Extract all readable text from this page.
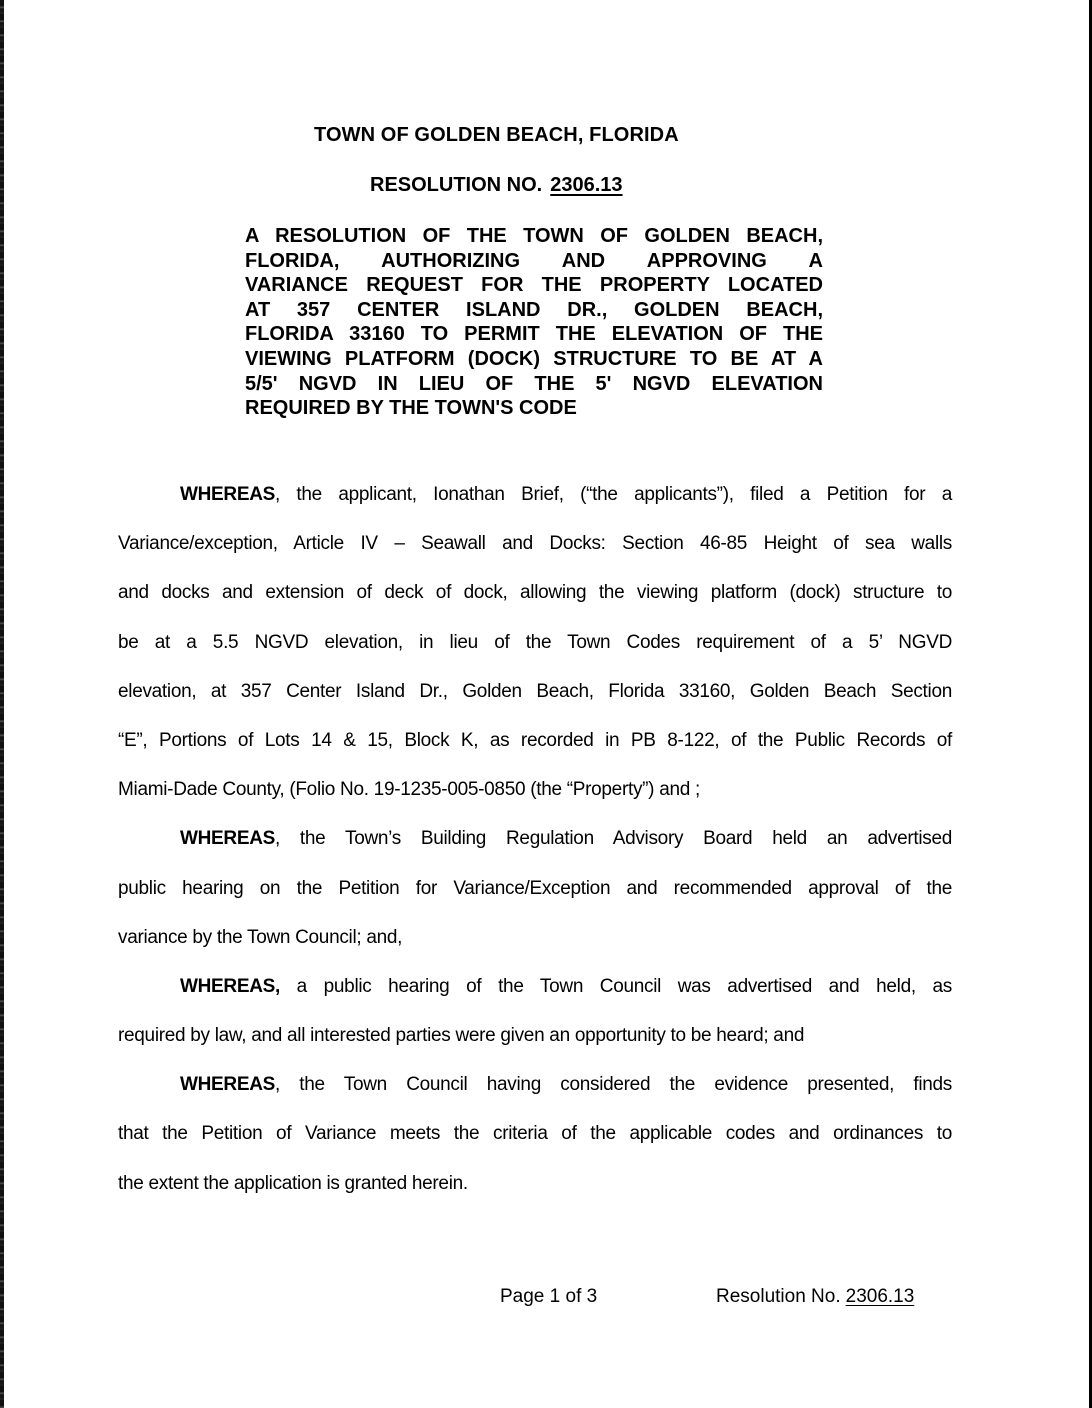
TOWN OF GOLDEN BEACH, FLORIDA
RESOLUTION NO. 2306.13
A RESOLUTION OF THE TOWN OF GOLDEN BEACH,
FLORIDA, AUTHORIZING AND APPROVING A
VARIANCE REQUEST FOR THE PROPERTY LOCATED
AT 357 CENTER ISLAND DR., GOLDEN BEACH,
FLORIDA 33160 TO PERMIT THE ELEVATION OF THE
VIEWING PLATFORM (DOCK) STRUCTURE TO BE AT A
5/5' NGVD IN LIEU OF THE 5' NGVD ELEVATION
REQUIRED BY THE TOWN'S CODE
WHEREAS, the applicant, Ionathan Brief, (“the applicants”), filed a Petition for a
Variance/exception, Article IV – Seawall and Docks: Section 46-85 Height of sea walls
and docks and extension of deck of dock, allowing the viewing platform (dock) structure to
be at a 5.5 NGVD elevation, in lieu of the Town Codes requirement of a 5’ NGVD
elevation, at 357 Center Island Dr., Golden Beach, Florida 33160, Golden Beach Section
“E”, Portions of Lots 14 & 15, Block K, as recorded in PB 8-122, of the Public Records of
Miami-Dade County, (Folio No. 19-1235-005-0850 (the “Property”) and ;
WHEREAS, the Town’s Building Regulation Advisory Board held an advertised
public hearing on the Petition for Variance/Exception and recommended approval of the
variance by the Town Council; and,
WHEREAS, a public hearing of the Town Council was advertised and held, as
required by law, and all interested parties were given an opportunity to be heard; and
WHEREAS, the Town Council having considered the evidence presented, finds
that the Petition of Variance meets the criteria of the applicable codes and ordinances to
the extent the application is granted herein.
Page 1 of 3	Resolution No. 2306.13
